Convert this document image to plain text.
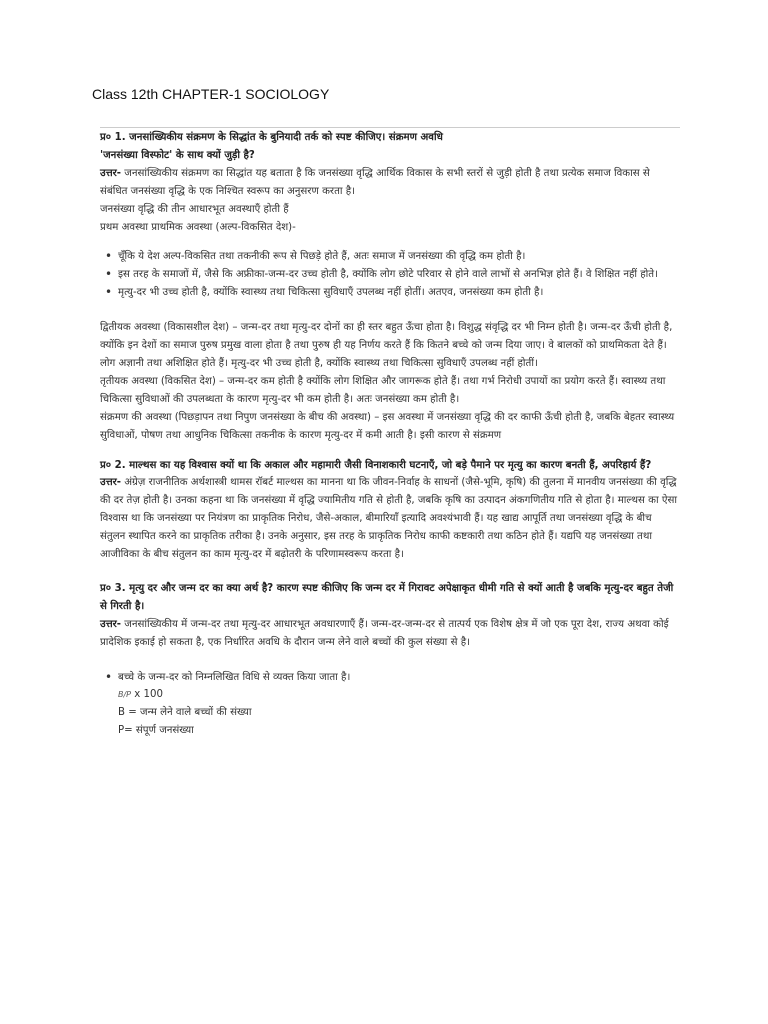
Class 12th CHAPTER-1 SOCIOLOGY

प्र० 1. जनसांख्यिकीय संक्रमण के सिद्धांत के बुनियादी तर्क को स्पष्ट कीजिए। संक्रमण अवधि

'जनसंख्या विस्फोट' के साथ क्यों जुड़ी है?

उत्तर- जनसांख्यिकीय संक्रमण का सिद्धांत यह बताता है कि जनसंख्या वृद्धि आर्थिक विकास के सभी स्तरों से जुड़ी होती है तथा प्रत्येक समाज विकास से संबंधित जनसंख्या वृद्धि के एक निश्चित स्वरूप का अनुसरण करता है।

जनसंख्या वृद्धि की तीन आधारभूत अवस्थाएँ होती हैं

प्रथम अवस्था प्राथमिक अवस्था (अल्प-विकसित देश)-

• चूँकि ये देश अल्प-विकसित तथा तकनीकी रूप से पिछड़े होते हैं, अतः समाज में जनसंख्या की वृद्धि कम होती है।
• इस तरह के समाजों में, जैसे कि अफ्रीका-जन्म-दर उच्च होती है, क्योंकि लोग छोटे परिवार से होने वाले लाभों से अनभिज्ञ होते हैं। वे शिक्षित नहीं होते।
• मृत्यु-दर भी उच्च होती है, क्योंकि स्वास्थ्य तथा चिकित्सा सुविधाएँ उपलब्ध नहीं होतीं। अतएव, जनसंख्या कम होती है।

द्वितीयक अवस्था (विकासशील देश) – जन्म-दर तथा मृत्यु-दर दोनों का ही स्तर बहुत ऊँचा होता है। विशुद्ध संवृद्धि दर भी निम्न होती है। जन्म-दर ऊँची होती है, क्योंकि इन देशों का समाज पुरुष प्रमुख वाला होता है तथा पुरुष ही यह निर्णय करते हैं कि कितने बच्चे को जन्म दिया जाए। वे बालकों को प्राथमिकता देते हैं। लोग अज्ञानी तथा अशिक्षित होते हैं। मृत्यु-दर भी उच्च होती है, क्योंकि स्वास्थ्य तथा चिकित्सा सुविधाएँ उपलब्ध नहीं होतीं।

तृतीयक अवस्था (विकसित देश) – जन्म-दर कम होती है क्योंकि लोग शिक्षित और जागरूक होते हैं। तथा गर्भ निरोधी उपायों का प्रयोग करते हैं। स्वास्थ्य तथा चिकित्सा सुविधाओं की उपलब्धता के कारण मृत्यु-दर भी कम होती है। अतः जनसंख्या कम होती है।

संक्रमण की अवस्था (पिछड़ापन तथा निपुण जनसंख्या के बीच की अवस्था) – इस अवस्था में जनसंख्या वृद्धि की दर काफी ऊँची होती है, जबकि बेहतर स्वास्थ्य सुविधाओं, पोषण तथा आधुनिक चिकित्सा तकनीक के कारण मृत्यु-दर में कमी आती है। इसी कारण से संक्रमण

प्र० 2. माल्थस का यह विश्वास क्यों था कि अकाल और महामारी जैसी विनाशकारी घटनाएँ, जो बड़े पैमाने पर मृत्यु का कारण बनती हैं, अपरिहार्य हैं?

उत्तर- अंग्रेज़ राजनीतिक अर्थशास्त्री थामस रॉबर्ट माल्थस का मानना था कि जीवन-निर्वाह के साधनों (जैसे-भूमि, कृषि) की तुलना में मानवीय जनसंख्या की वृद्धि की दर तेज़ होती है। उनका कहना था कि जनसंख्या में वृद्धि ज्यामितीय गति से होती है, जबकि कृषि का उत्पादन अंकगणितीय गति से होता है। माल्थस का ऐसा विश्वास था कि जनसंख्या पर नियंत्रण का प्राकृतिक निरोध, जैसे-अकाल, बीमारियाँ इत्यादि अवश्यंभावी हैं। यह खाद्य आपूर्ति तथा जनसंख्या वृद्धि के बीच संतुलन स्थापित करने का प्राकृतिक तरीका है। उनके अनुसार, इस तरह के प्राकृतिक निरोध काफी कष्टकारी तथा कठिन होते हैं। यद्यपि यह जनसंख्या तथा आजीविका के बीच संतुलन का काम मृत्यु-दर में बढ़ोतरी के परिणामस्वरूप करता है।

प्र० 3. मृत्यु दर और जन्म दर का क्या अर्थ है? कारण स्पष्ट कीजिए कि जन्म दर में गिरावट अपेक्षाकृत धीमी गति से क्यों आती है जबकि मृत्यु-दर बहुत तेजी से गिरती है।

उत्तर- जनसांख्यिकीय में जन्म-दर तथा मृत्यु-दर आधारभूत अवधारणाएँ हैं। जन्म-दर-जन्म-दर से तात्पर्य एक विशेष क्षेत्र में जो एक पूरा देश, राज्य अथवा कोई प्रादेशिक इकाई हो सकता है, एक निर्धारित अवधि के दौरान जन्म लेने वाले बच्चों की कुल संख्या से है।

• बच्चे के जन्म-दर को निम्नलिखित विधि से व्यक्त किया जाता है।
B/P x 100
B = जन्म लेने वाले बच्चों की संख्या
P= संपूर्ण जनसंख्या
